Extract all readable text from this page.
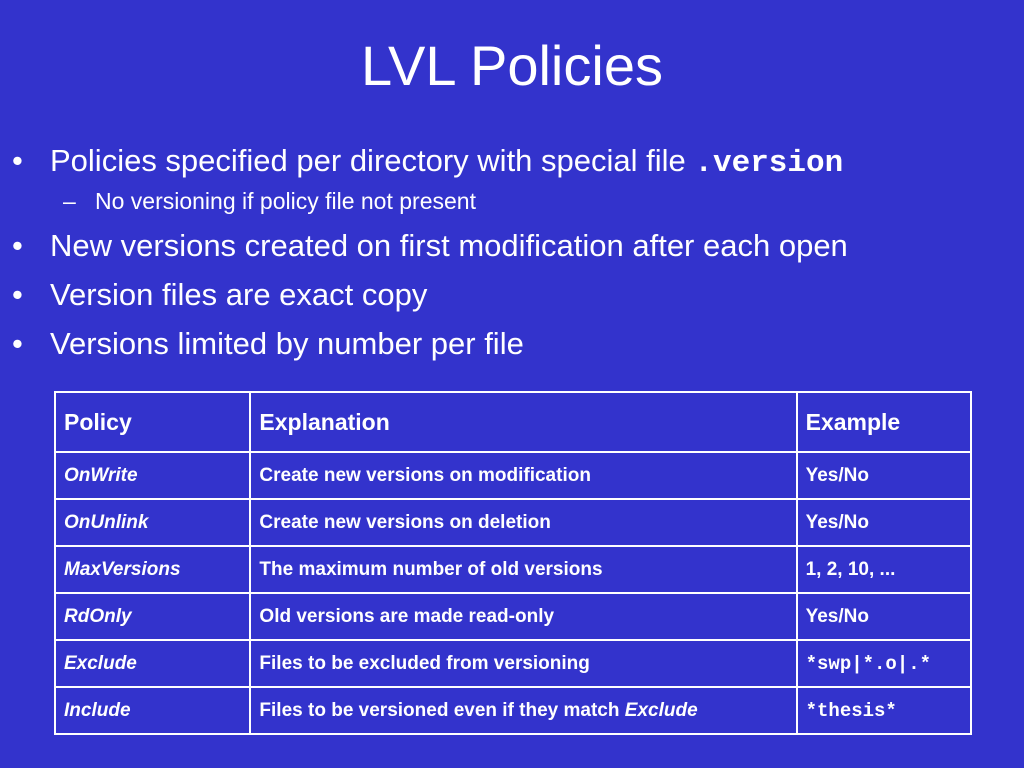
LVL Policies
• Policies specified per directory with special file .version
– No versioning if policy file not present
• New versions created on first modification after each open
• Version files are exact copy
• Versions limited by number per file
Policy	Explanation	Example
OnWrite	Create new versions on modification	Yes/No
OnUnlink	Create new versions on deletion	Yes/No
MaxVersions	The maximum number of old versions	1, 2, 10, ...
RdOnly	Old versions are made read-only	Yes/No
Exclude	Files to be excluded from versioning	*swp|*.o|.*
Include	Files to be versioned even if they match Exclude	*thesis*
